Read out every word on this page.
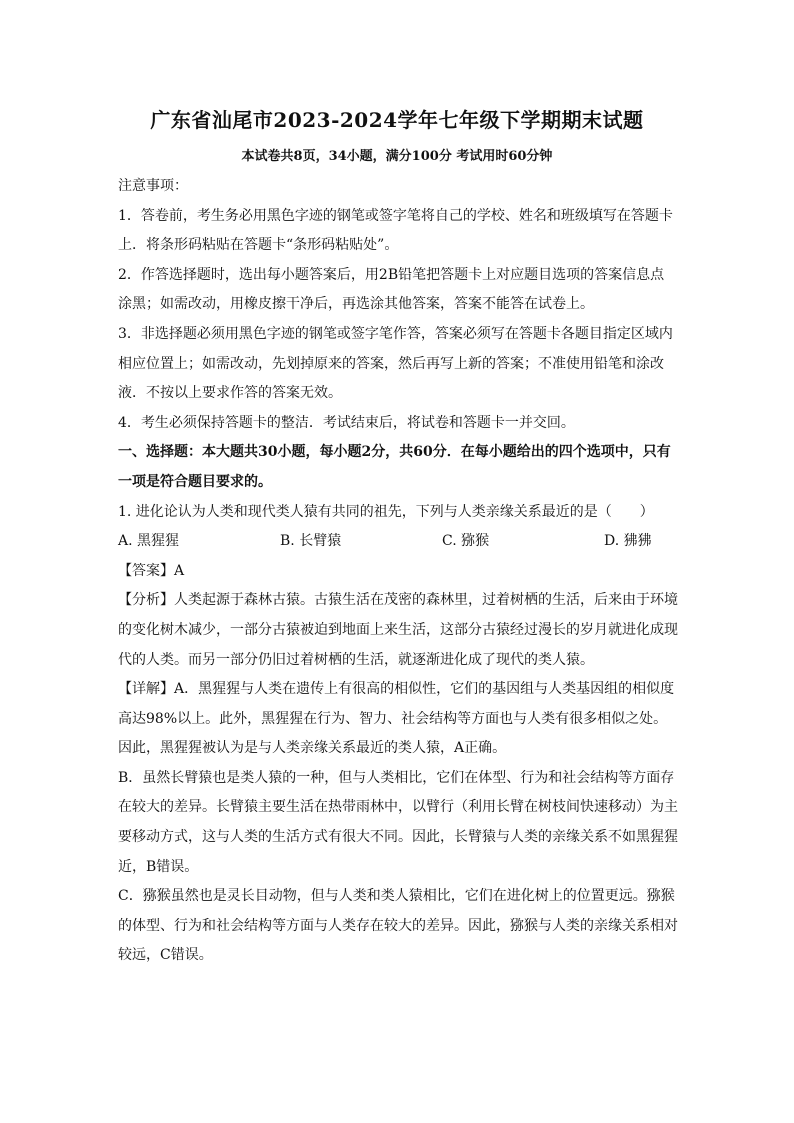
广东省汕尾市2023-2024学年七年级下学期期末试题
本试卷共8页，34小题，满分100分 考试用时60分钟

注意事项：

1．答卷前，考生务必用黑色字迹的钢笔或签字笔将自己的学校、姓名和班级填写在答题卡上．将条形码粘贴在答题卡“条形码粘贴处”。

2．作答选择题时，选出每小题答案后，用2B铅笔把答题卡上对应题目选项的答案信息点涂黑；如需改动，用橡皮擦干净后，再选涂其他答案，答案不能答在试卷上。

3．非选择题必须用黑色字迹的钢笔或签字笔作答，答案必须写在答题卡各题目指定区域内相应位置上；如需改动，先划掉原来的答案，然后再写上新的答案；不准使用铅笔和涂改液．不按以上要求作答的答案无效。

4．考生必须保持答题卡的整洁．考试结束后，将试卷和答题卡一并交回。

一、选择题：本大题共30小题，每小题2分，共60分．在每小题给出的四个选项中，只有一项是符合题目要求的。

1. 进化论认为人类和现代类人猿有共同的祖先，下列与人类亲缘关系最近的是（　　）

A. 黑猩猩	B. 长臂猿	C. 猕猴	D. 狒狒

【答案】A

【分析】人类起源于森林古猿。古猿生活在茂密的森林里，过着树栖的生活，后来由于环境的变化树木减少，一部分古猿被迫到地面上来生活，这部分古猿经过漫长的岁月就进化成现代的人类。而另一部分仍旧过着树栖的生活，就逐渐进化成了现代的类人猿。

【详解】A．黑猩猩与人类在遗传上有很高的相似性，它们的基因组与人类基因组的相似度高达98%以上。此外，黑猩猩在行为、智力、社会结构等方面也与人类有很多相似之处。因此，黑猩猩被认为是与人类亲缘关系最近的类人猿，A正确。

B．虽然长臂猿也是类人猿的一种，但与人类相比，它们在体型、行为和社会结构等方面存在较大的差异。长臂猿主要生活在热带雨林中，以臂行（利用长臂在树枝间快速移动）为主要移动方式，这与人类的生活方式有很大不同。因此，长臂猿与人类的亲缘关系不如黑猩猩近，B错误。

C．猕猴虽然也是灵长目动物，但与人类和类人猿相比，它们在进化树上的位置更远。猕猴的体型、行为和社会结构等方面与人类存在较大的差异。因此，猕猴与人类的亲缘关系相对较远，C错误。
